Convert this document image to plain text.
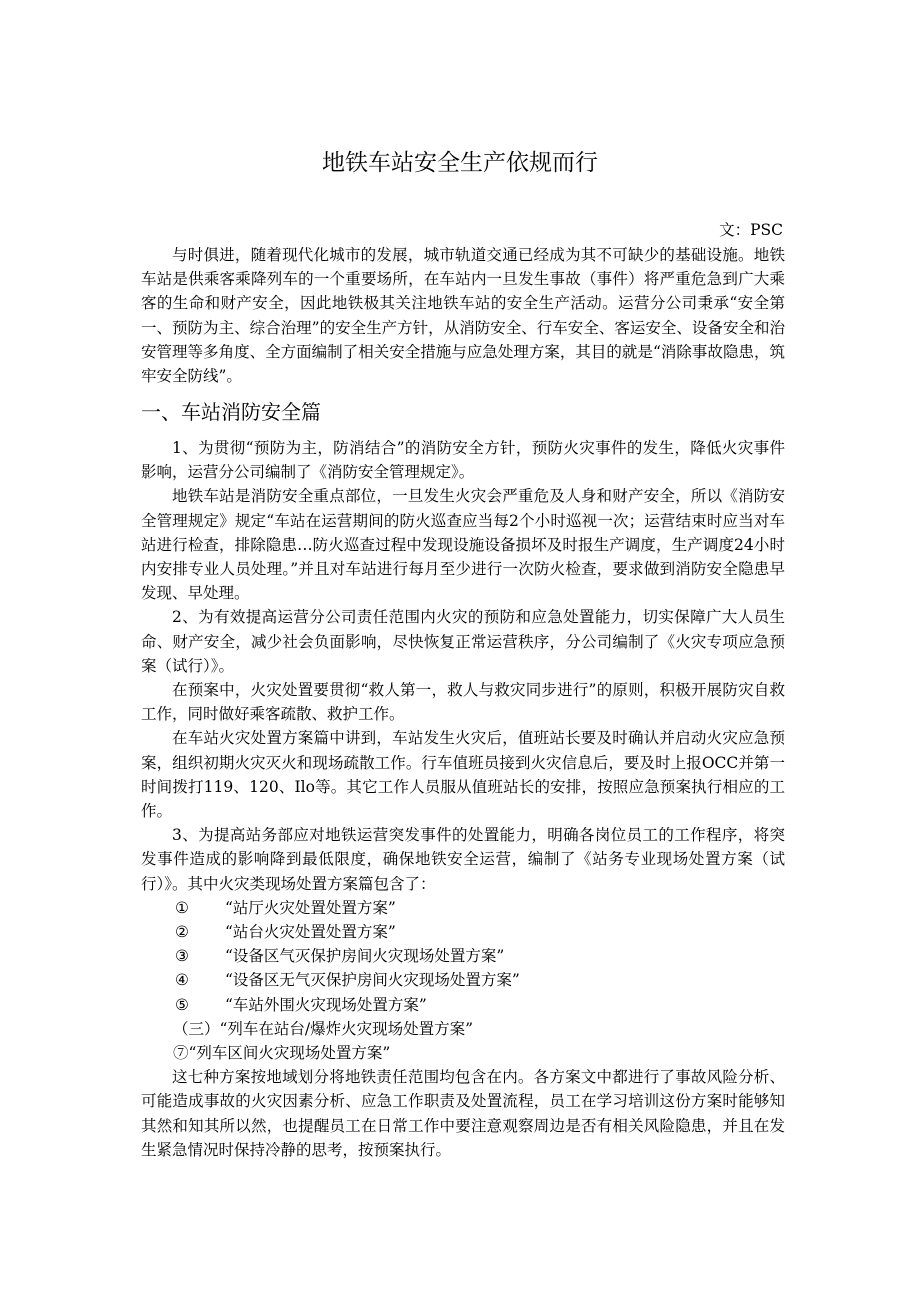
地铁车站安全生产依规而行
文：PSC

与时俱进，随着现代化城市的发展，城市轨道交通已经成为其不可缺少的基础设施。地铁车站是供乘客乘降列车的一个重要场所，在车站内一旦发生事故（事件）将严重危急到广大乘客的生命和财产安全，因此地铁极其关注地铁车站的安全生产活动。运营分公司秉承“安全第一、预防为主、综合治理”的安全生产方针，从消防安全、行车安全、客运安全、设备安全和治安管理等多角度、全方面编制了相关安全措施与应急处理方案，其目的就是“消除事故隐患，筑牢安全防线”。

一、车站消防安全篇

1、为贯彻“预防为主，防消结合”的消防安全方针，预防火灾事件的发生，降低火灾事件影响，运营分公司编制了《消防安全管理规定》。

地铁车站是消防安全重点部位，一旦发生火灾会严重危及人身和财产安全，所以《消防安全管理规定》规定“车站在运营期间的防火巡查应当每2个小时巡视一次；运营结束时应当对车站进行检查，排除隐患…防火巡查过程中发现设施设备损坏及时报生产调度，生产调度24小时内安排专业人员处理。”并且对车站进行每月至少进行一次防火检查，要求做到消防安全隐患早发现、早处理。

2、为有效提高运营分公司责任范围内火灾的预防和应急处置能力，切实保障广大人员生命、财产安全，减少社会负面影响，尽快恢复正常运营秩序，分公司编制了《火灾专项应急预案（试行）》。

在预案中，火灾处置要贯彻“救人第一，救人与救灾同步进行”的原则，积极开展防灾自救工作，同时做好乘客疏散、救护工作。

在车站火灾处置方案篇中讲到，车站发生火灾后，值班站长要及时确认并启动火灾应急预案，组织初期火灾灭火和现场疏散工作。行车值班员接到火灾信息后，要及时上报OCC并第一时间拨打119、120、Ilo等。其它工作人员服从值班站长的安排，按照应急预案执行相应的工作。

3、为提高站务部应对地铁运营突发事件的处置能力，明确各岗位员工的工作程序，将突发事件造成的影响降到最低限度，确保地铁安全运营，编制了《站务专业现场处置方案（试行）》。其中火灾类现场处置方案篇包含了：

① “站厅火灾处置处置方案”
② “站台火灾处置处置方案”
③ “设备区气灭保护房间火灾现场处置方案”
④ “设备区无气灭保护房间火灾现场处置方案”
⑤ “车站外围火灾现场处置方案”
（三）“列车在站台/爆炸火灾现场处置方案”
⑦“列车区间火灾现场处置方案”

这七种方案按地域划分将地铁责任范围均包含在内。各方案文中都进行了事故风险分析、可能造成事故的火灾因素分析、应急工作职责及处置流程，员工在学习培训这份方案时能够知其然和知其所以然，也提醒员工在日常工作中要注意观察周边是否有相关风险隐患，并且在发生紧急情况时保持冷静的思考，按预案执行。
